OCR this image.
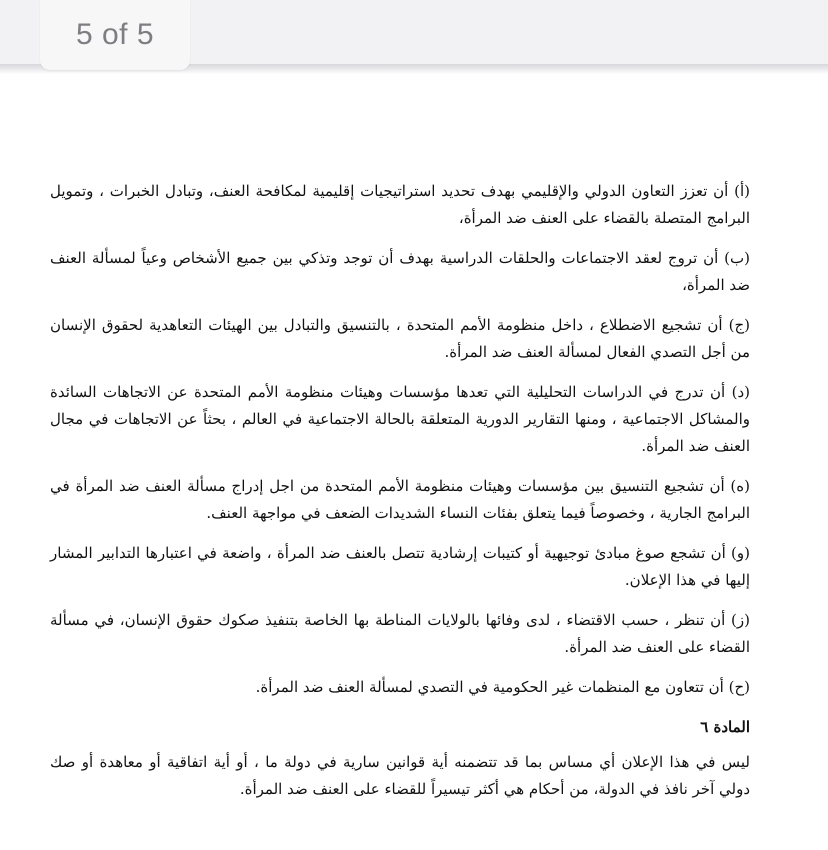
5 of 5

(أ) أن تعزز التعاون الدولي والإقليمي بهدف تحديد استراتيجيات إقليمية لمكافحة العنف، وتبادل الخبرات ، وتمويل البرامج المتصلة بالقضاء على العنف ضد المرأة،

(ب) أن تروج لعقد الاجتماعات والحلقات الدراسية بهدف أن توجد وتذكي بين جميع الأشخاص وعياً لمسألة العنف ضد المرأة،

(ج) أن تشجيع الاضطلاع ، داخل منظومة الأمم المتحدة ، بالتنسيق والتبادل بين الهيئات التعاهدية لحقوق الإنسان من أجل التصدي الفعال لمسألة العنف ضد المرأة.

(د) أن تدرج في الدراسات التحليلية التي تعدها مؤسسات وهيئات منظومة الأمم المتحدة عن الاتجاهات السائدة والمشاكل الاجتماعية ، ومنها التقارير الدورية المتعلقة بالحالة الاجتماعية في العالم ، بحثاً عن الاتجاهات في مجال العنف ضد المرأة.

(ه) أن تشجيع التنسيق بين مؤسسات وهيئات منظومة الأمم المتحدة من اجل إدراج مسألة العنف ضد المرأة في البرامج الجارية ، وخصوصاً فيما يتعلق بفئات النساء الشديدات الضعف في مواجهة العنف.

(و) أن تشجع صوغ مبادئ توجيهية أو كتيبات إرشادية تتصل بالعنف ضد المرأة ، واضعة في اعتبارها التدابير المشار إليها في هذا الإعلان.

(ز) أن تنظر ، حسب الاقتضاء ، لدى وفائها بالولايات المناطة بها الخاصة بتنفيذ صكوك حقوق الإنسان، في مسألة القضاء على العنف ضد المرأة.

(ح) أن تتعاون مع المنظمات غير الحكومية في التصدي لمسألة العنف ضد المرأة.

المادة ٦

ليس في هذا الإعلان أي مساس بما قد تتضمنه أية قوانين سارية في دولة ما ، أو أية اتفاقية أو معاهدة أو صك دولي آخر نافذ في الدولة، من أحكام هي أكثر تيسيراً للقضاء على العنف ضد المرأة.
